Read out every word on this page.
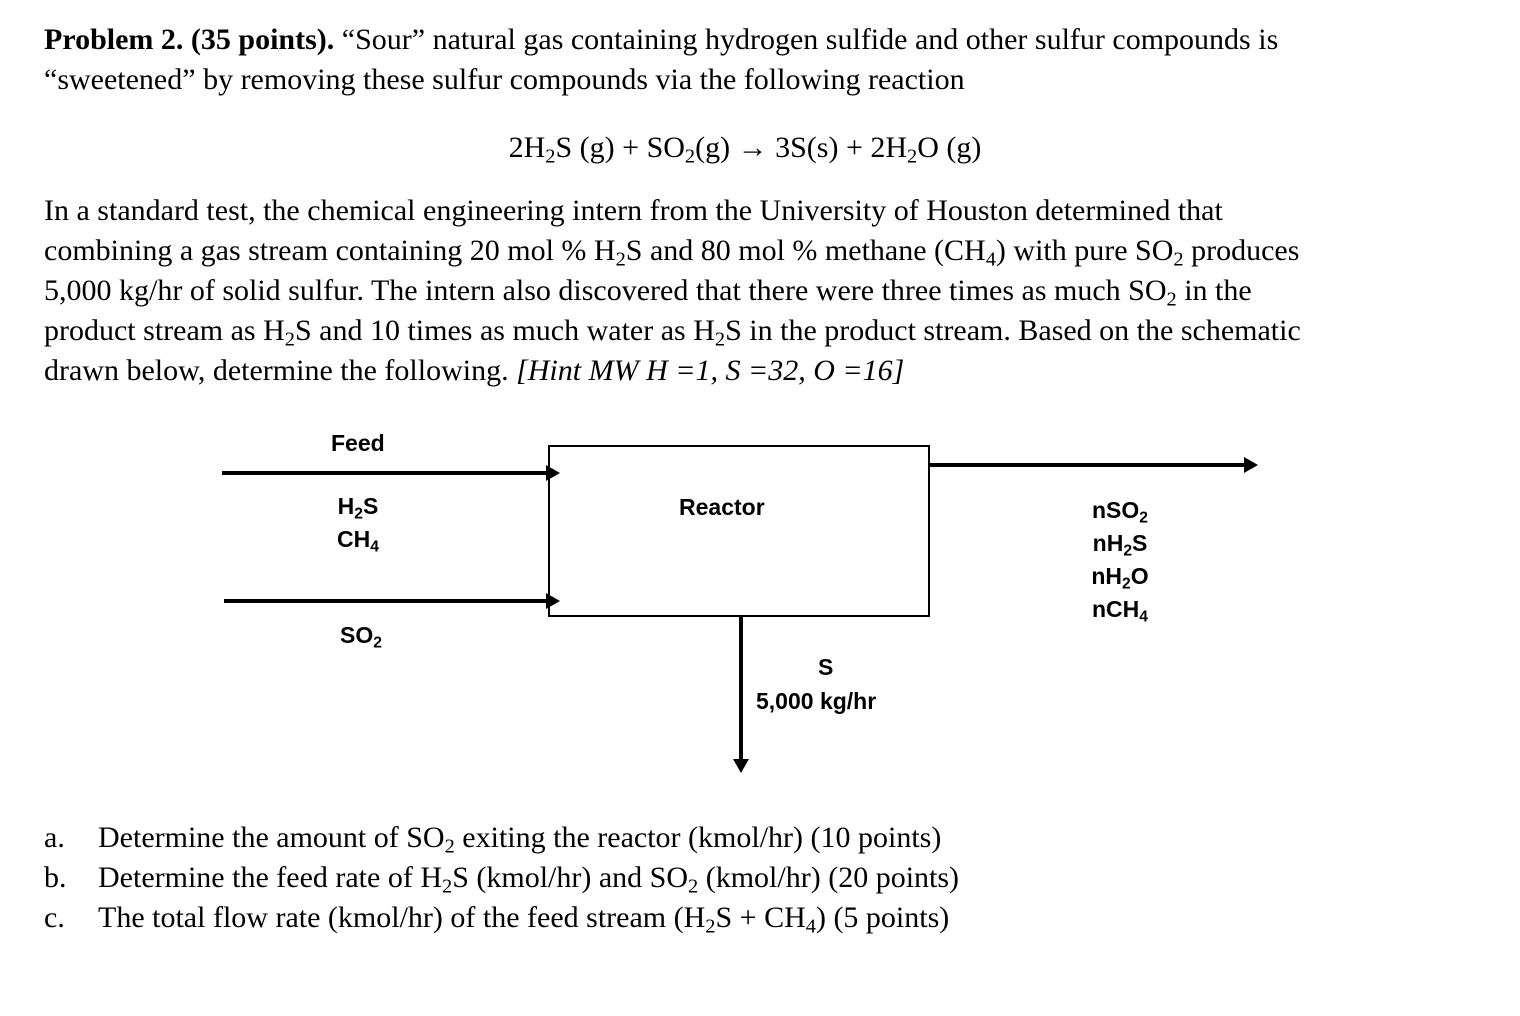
Problem 2. (35 points). “Sour” natural gas containing hydrogen sulfide and other sulfur compounds is
“sweetened” by removing these sulfur compounds via the following reaction
$2H_2S$ $(g) + SO_2(g) \to 3S(s) + 2H_2O$ (g)
In a standard test, the chemical engineering intern from the University of Houston determined that
combining a gas stream containing 20 mol % $H_2S$ and 80 mol % methane $(CH_4)$ with pure $SO_2$ produces
5,000 kg/hr of solid sulfur. The intern also discovered that there were three times as much $SO_2$ in the
product stream as $H_2S$ and 10 times as much water as $H_2S$ in the product stream. Based on the schematic
drawn below, determine the following. [Hint MW H =1, S =32, O =16]
Feed
$H_2S$
$CH_4$
$SO_2$
Reactor	nSO$_2$
$nH_2S$
$nH_2O$
nCH$_4$
S
5,000 kg/hr
a. Determine the amount of $SO_2$ exiting the reactor (kmol/hr) (10 points)
b. Determine the feed rate of $H_2S$ (kmol/hr) and $SO_2$ (kmol/hr) (20 points)
c. The total flow rate (kmol/hr) of the feed stream $(H_2S + CH_4)$ (5 points)
